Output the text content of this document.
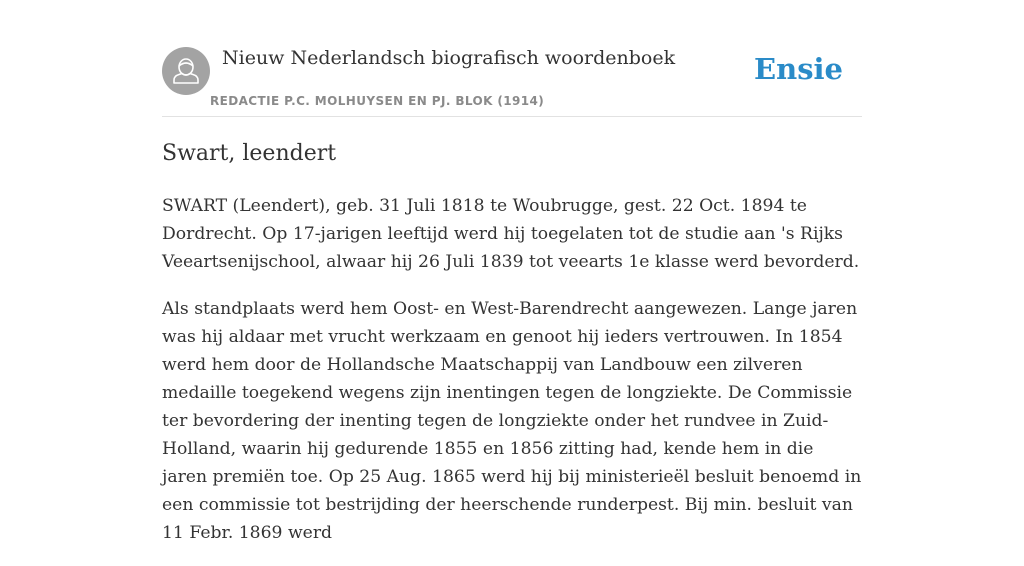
Nieuw Nederlandsch biografisch woordenboek
REDACTIE P.C. MOLHUYSEN EN PJ. BLOK (1914)
Ensie
Swart, leendert

SWART (Leendert), geb. 31 Juli 1818 te Woubrugge, gest. 22 Oct. 1894 te Dordrecht. Op 17-jarigen leeftijd werd hij toegelaten tot de studie aan 's Rijks Veeartsenijschool, alwaar hij 26 Juli 1839 tot veearts 1e klasse werd bevorderd.

Als standplaats werd hem Oost- en West-Barendrecht aangewezen. Lange jaren was hij aldaar met vrucht werkzaam en genoot hij ieders vertrouwen. In 1854 werd hem door de Hollandsche Maatschappij van Landbouw een zilveren medaille toegekend wegens zijn inentingen tegen de longziekte. De Commissie ter bevordering der inenting tegen de longziekte onder het rundvee in Zuid-Holland, waarin hij gedurende 1855 en 1856 zitting had, kende hem in die jaren premiën toe. Op 25 Aug. 1865 werd hij bij ministerieël besluit benoemd in een commissie tot bestrijding der heerschende runderpest. Bij min. besluit van 11 Febr. 1869 werd
